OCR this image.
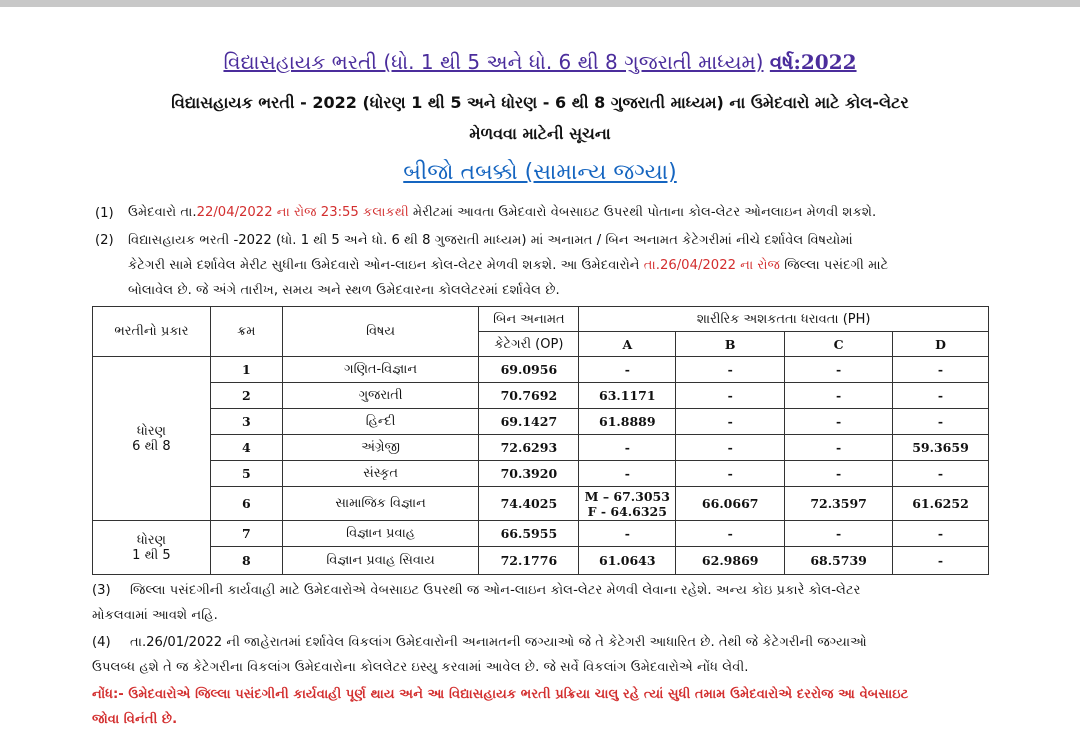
વિદ્યાસહાયક ભરતી (ધો. 1 થી 5 અને ધો. 6 થી 8 ગુજરાતી માધ્યમ) વર્ષ:2022
વિદ્યાસહાયક ભરતી - 2022 (ધોરણ 1 થી 5 અને ધોરણ - 6 થી 8 ગુજરાતી માધ્યમ) ના ઉમેદવારો માટે કોલ-લેટર
મેળવવા માટેની સૂચના
બીજો તબક્કો (સામાન્ય જગ્યા)
(1) ઉમેદવારો તા.22/04/2022 ના રોજ 23:55 કલાકથી મેરીટમાં આવતા ઉમેદવારો વેબસાઇટ ઉપરથી પોતાના કોલ-લેટર ઓનલાઇન મેળવી શકશે.
(2) વિદ્યાસહાયક ભરતી -2022 (ધો. 1 થી 5 અને ધો. 6 થી 8 ગુજરાતી માધ્યમ) માં અનામત / બિન અનામત કેટેગરીમાં નીચે દર્શાવેલ વિષયોમાં
કેટેગરી સામે દર્શાવેલ મેરીટ સુધીના ઉમેદવારો ઓન-લાઇન કોલ-લેટર મેળવી શકશે. આ ઉમેદવારોને તા.26/04/2022 ના રોજ જિલ્લા પસંદગી માટે
બોલાવેલ છે. જે અંગે તારીખ, સમય અને સ્થળ ઉમેદવારના કોલલેટરમાં દર્શાવેલ છે.
ભરતીનો પ્રકાર	ક્રમ	વિષય	બિન અનામત	શારીરિક અશકતતા ધરાવતા (PH)			
			કેટેગરી (OP)	A	B	C	D

ધોરણ
6 થી 8	1	ગણિત-વિજ્ઞાન	69.0956	-	-	-	-
	2	ગુજરાતી	70.7692	63.1171	-	-	-
	3	હિન્દી	69.1427	61.8889	-	-	-
	4	અંગ્રેજી	72.6293	-	-	-	59.3659
	5	સંસ્કૃત	70.3920	-	-	-	-
	6	સામાજિક વિજ્ઞાન	74.4025	M – 67.3053
F - 64.6325	66.0667	72.3597	61.6252

ધોરણ
1 થી 5	7	વિજ્ઞાન પ્રવાહ	66.5955	-	-	-	-
	8	વિજ્ઞાન પ્રવાહ સિવાય	72.1776	61.0643	62.9869	68.5739	-
(3) જિલ્લા પસંદગીની કાર્યવાહી માટે ઉમેદવારોએ વેબસાઇટ ઉપરથી જ ઓન-લાઇન કોલ-લેટર મેળવી લેવાના રહેશે. અન્ય કોઇ પ્રકારે કોલ-લેટર
મોકલવામાં આવશે નહિ.
(4) તા.26/01/2022 ની જાહેરાતમાં દર્શાવેલ વિકલાંગ ઉમેદવારોની અનામતની જગ્યાઓ જે તે કેટેગરી આધારિત છે. તેથી જે કેટેગરીની જગ્યાઓ
ઉપલબ્ધ હશે તે જ કેટેગરીના વિકલાંગ ઉમેદવારોના કોલલેટર ઇસ્યુ કરવામાં આવેલ છે. જે સર્વે વિકલાંગ ઉમેદવારોએ નોંધ લેવી.
નોંધ:- ઉમેદવારોએ જિલ્લા પસંદગીની કાર્યવાહી પૂર્ણ થાય અને આ વિદ્યાસહાયક ભરતી પ્રક્રિયા ચાલુ રહે ત્યાં સુધી તમામ ઉમેદવારોએ દરરોજ આ વેબસાઇટ
જોવા વિનંતી છે.
